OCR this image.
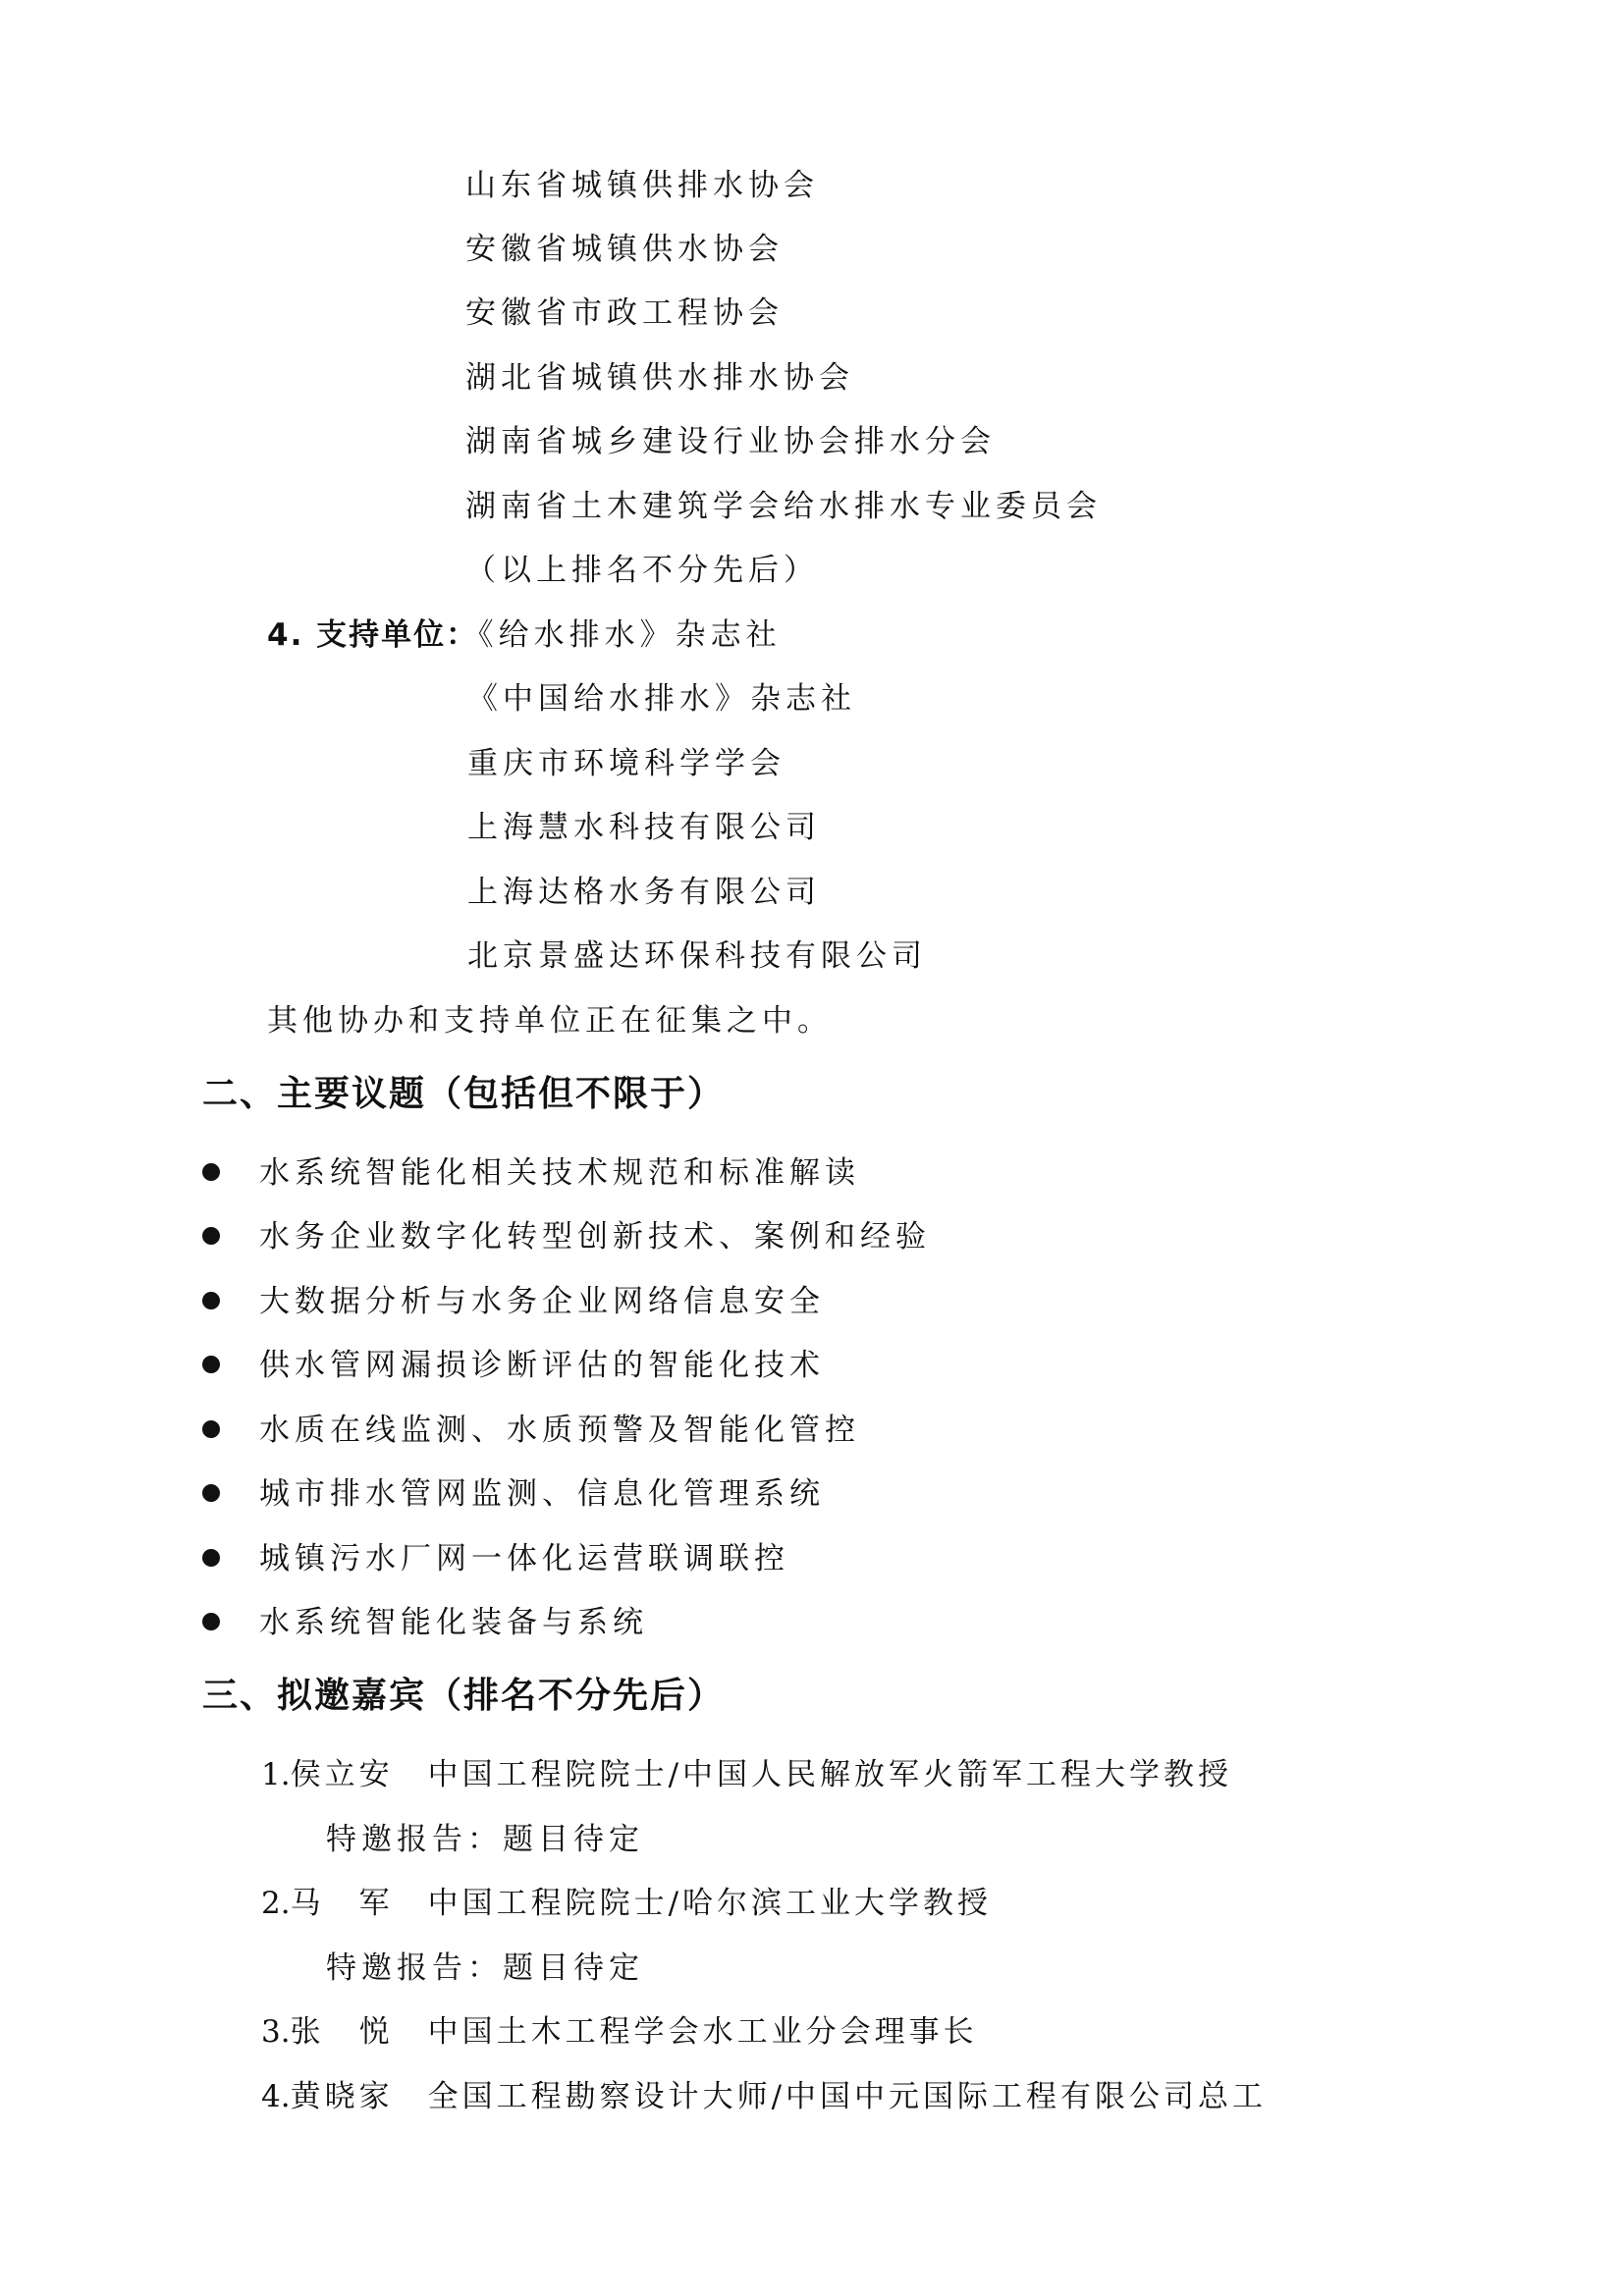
山东省城镇供排水协会
安徽省城镇供水协会
安徽省市政工程协会
湖北省城镇供水排水协会
湖南省城乡建设行业协会排水分会
湖南省土木建筑学会给水排水专业委员会
（以上排名不分先后）
4. 支持单位：《给水排水》杂志社
《中国给水排水》杂志社
重庆市环境科学学会
上海慧水科技有限公司
上海达格水务有限公司
北京景盛达环保科技有限公司
其他协办和支持单位正在征集之中。
二、主要议题（包括但不限于）
水系统智能化相关技术规范和标准解读
水务企业数字化转型创新技术、案例和经验
大数据分析与水务企业网络信息安全
供水管网漏损诊断评估的智能化技术
水质在线监测、水质预警及智能化管控
城市排水管网监测、信息化管理系统
城镇污水厂网一体化运营联调联控
水系统智能化装备与系统
三、拟邀嘉宾（排名不分先后）
1.侯立安 中国工程院院士/中国人民解放军火箭军工程大学教授
特邀报告：题目待定
2.马　军 中国工程院院士/哈尔滨工业大学教授
特邀报告：题目待定
3.张　悦 中国土木工程学会水工业分会理事长
4.黄晓家 全国工程勘察设计大师/中国中元国际工程有限公司总工
